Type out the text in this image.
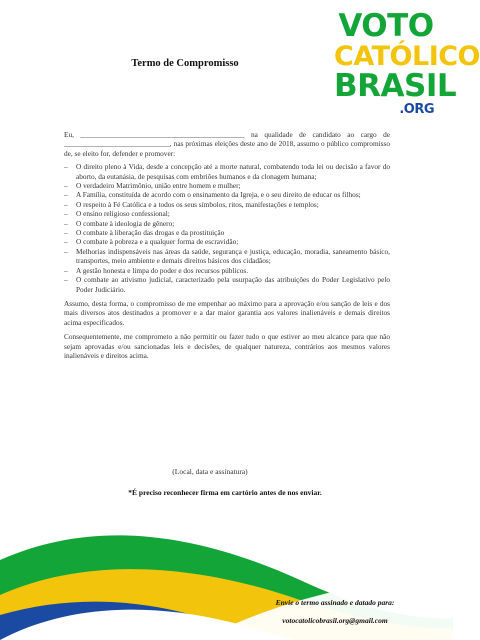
VOTO
CATÓLICO
BRASIL
.ORG
Termo de Compromisso

Eu, _____________________________________________ na qualidade de candidato ao cargo de _____________________________, nas próximas eleições deste ano de 2018, assumo o público compromisso de, se eleito for, defender e promover:

– O direito pleno à Vida, desde a concepção até a morte natural, combatendo toda lei ou decisão a favor do aborto, da eutanásia, de pesquisas com embriões humanos e da clonagem humana;
– O verdadeiro Matrimônio, união entre homem e mulher;
– A Família, constituída de acordo com o ensinamento da Igreja, e o seu direito de educar os filhos;
– O respeito à Fé Católica e a todos os seus símbolos, ritos, manifestações e templos;
– O ensino religioso confessional;
– O combate à ideologia de gênero;
– O combate à liberação das drogas e da prostituição
– O combate à pobreza e a qualquer forma de escravidão;
– Melhorias indispensáveis nas áreas da saúde, segurança e justiça, educação, moradia, saneamento básico, transportes, meio ambiente e demais direitos básicos dos cidadãos;
– A gestão honesta e limpa do poder e dos recursos públicos.
– O combate ao ativismo judicial, caracterizado pela usurpação das atribuições do Poder Legislativo pelo Poder Judiciário.

Assumo, desta forma, o compromisso de me empenhar ao máximo para a aprovação e/ou sanção de leis e dos mais diversos atos destinados a promover e a dar maior garantia aos valores inalienáveis e demais direitos acima especificados.

Consequentemente, me comprometo a não permitir ou fazer tudo o que estiver ao meu alcance para que não sejam aprovadas e/ou sancionadas leis e decisões, de qualquer natureza, contrários aos mesmos valores inalienáveis e direitos acima.

(Local, data e assinatura)
*É preciso reconhecer firma em cartório antes de nos enviar.
Envie o termo assinado e datado para:
votocatolicobrasil.org@gmail.com
